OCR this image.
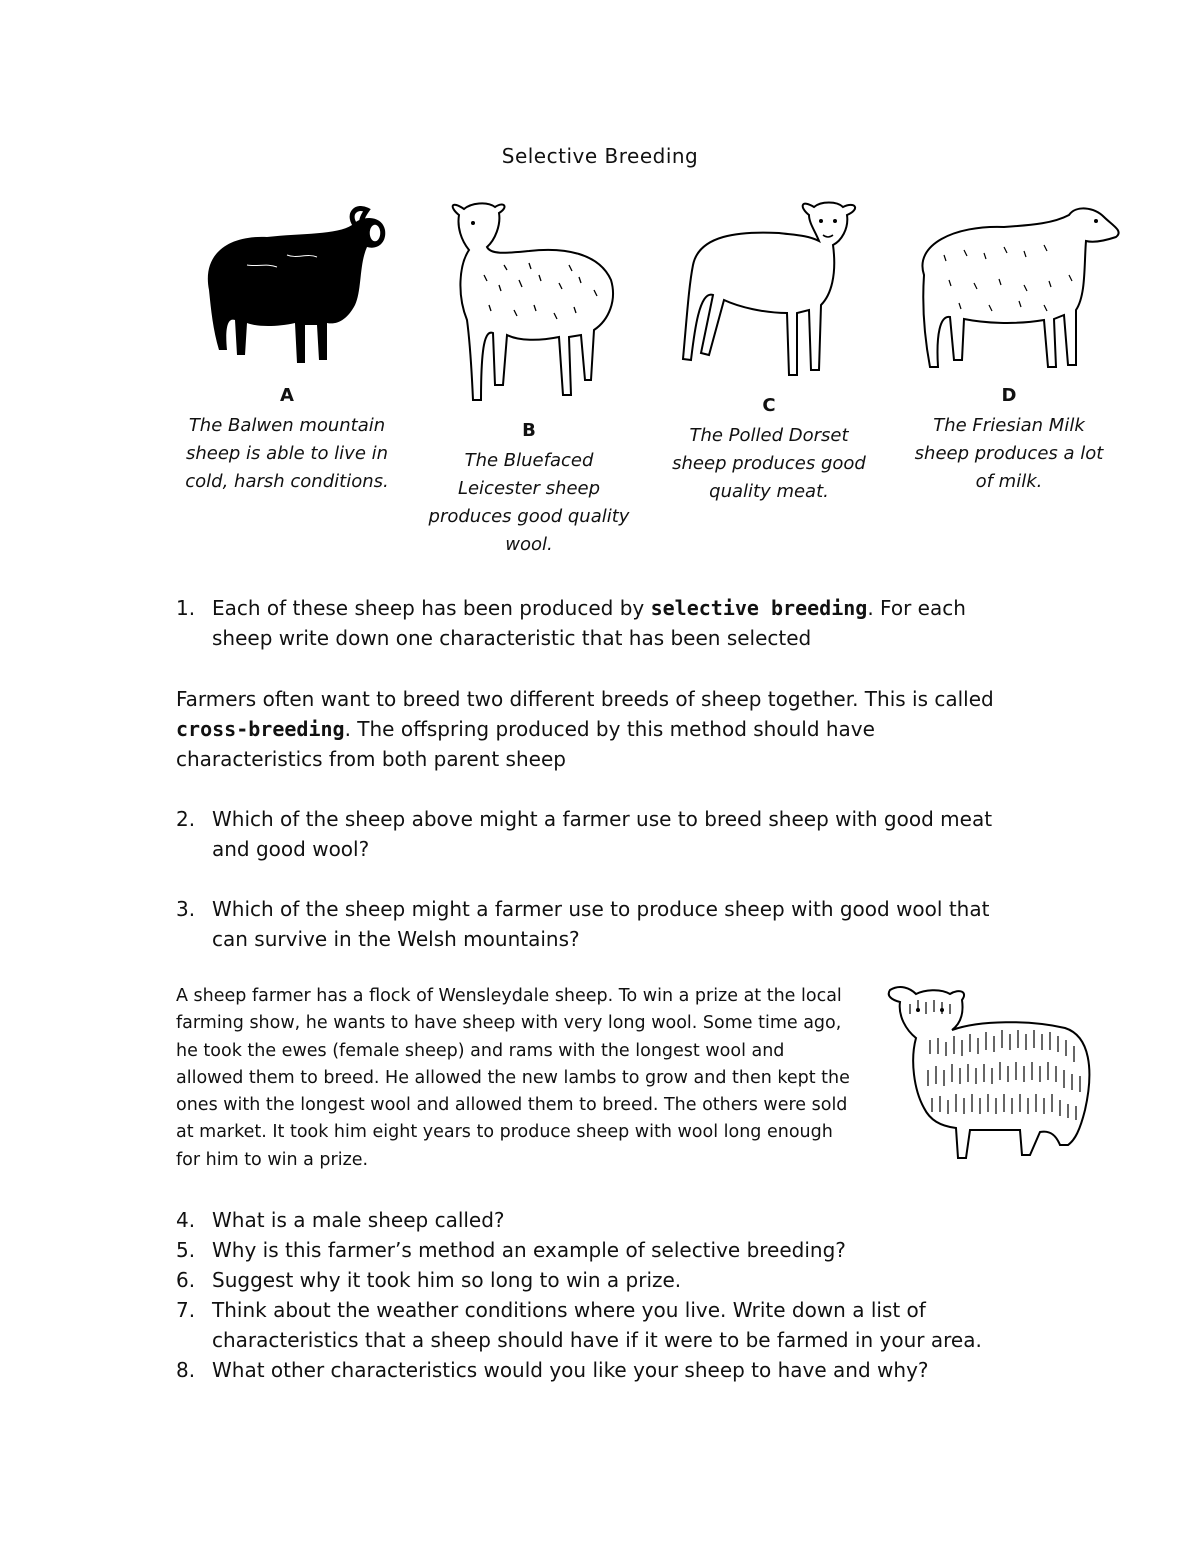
Selective Breeding
A
The Balwen mountain sheep is able to live in cold, harsh conditions.
B
The Bluefaced Leicester sheep produces good quality wool.
C
The Polled Dorset sheep produces good quality meat.
D
The Friesian Milk sheep produces a lot of milk.
1. Each of these sheep has been produced by selective breeding. For each sheep write down one characteristic that has been selected
Farmers often want to breed two different breeds of sheep together. This is called cross-breeding. The offspring produced by this method should have characteristics from both parent sheep
2. Which of the sheep above might a farmer use to breed sheep with good meat and good wool?
3. Which of the sheep might a farmer use to produce sheep with good wool that can survive in the Welsh mountains?
A sheep farmer has a flock of Wensleydale sheep. To win a prize at the local farming show, he wants to have sheep with very long wool. Some time ago, he took the ewes (female sheep) and rams with the longest wool and allowed them to breed. He allowed the new lambs to grow and then kept the ones with the longest wool and allowed them to breed. The others were sold at market. It took him eight years to produce sheep with wool long enough for him to win a prize.
4. What is a male sheep called?
5. Why is this farmer’s method an example of selective breeding?
6. Suggest why it took him so long to win a prize.
7. Think about the weather conditions where you live. Write down a list of characteristics that a sheep should have if it were to be farmed in your area.
8. What other characteristics would you like your sheep to have and why?
